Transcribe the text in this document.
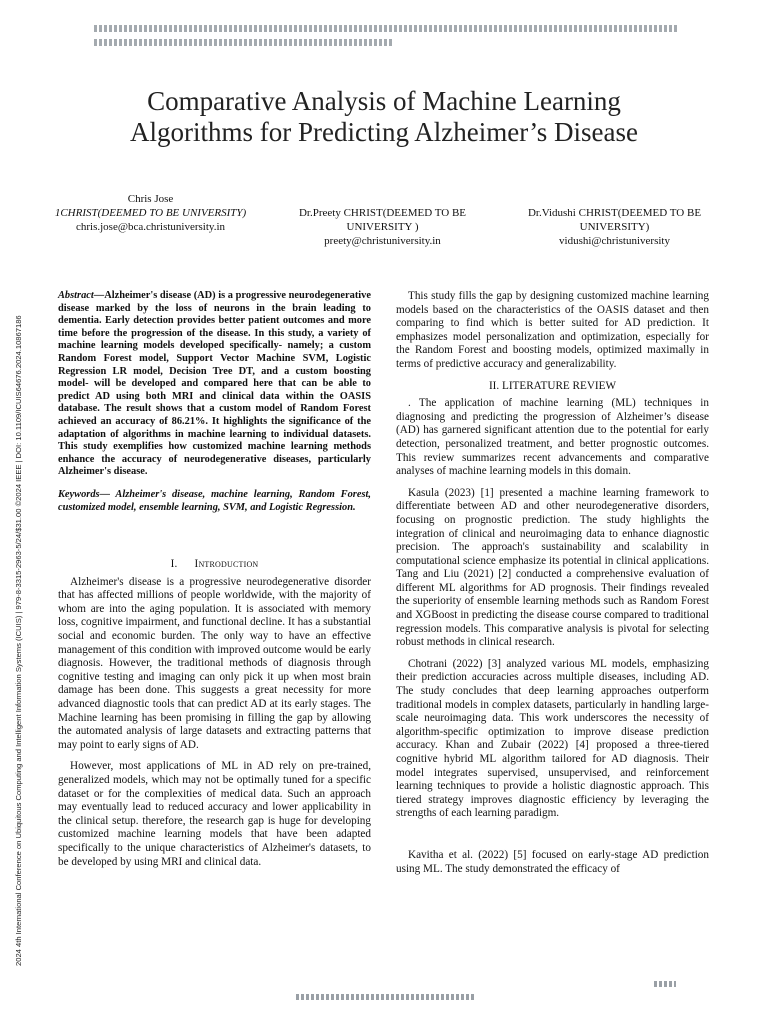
Comparative Analysis of Machine Learning
Algorithms for Predicting Alzheimer’s Disease
Chris Jose
1CHRIST(DEEMED TO BE UNIVERSITY)
chris.jose@bca.christuniversity.in
Dr.Preety CHRIST(DEEMED TO BE UNIVERSITY )
preety@christuniversity.in
Dr.Vidushi CHRIST(DEEMED TO BE UNIVERSITY)
vidushi@christuniversity
2024 4th International Conference on Ubiquitous Computing and Intelligent Information Systems (ICUIS) | 979-8-3315-2963-5/24/$31.00 ©2024 IEEE | DOI: 10.1109/ICUIS64676.2024.10867186

Abstract—Alzheimer's disease (AD) is a progressive neurodegenerative disease marked by the loss of neurons in the brain leading to dementia. Early detection provides better patient outcomes and more time before the progression of the disease. In this study, a variety of machine learning models developed specifically- namely; a custom Random Forest model, Support Vector Machine SVM, Logistic Regression LR model, Decision Tree DT, and a custom boosting model- will be developed and compared here that can be able to predict AD using both MRI and clinical data within the OASIS database. The result shows that a custom model of Random Forest achieved an accuracy of 86.21%. It highlights the significance of the adaptation of algorithms in machine learning to individual datasets. This study exemplifies how customized machine learning methods enhance the accuracy of neurodegenerative diseases, particularly Alzheimer's disease.

Keywords— Alzheimer's disease, machine learning, Random Forest, customized model, ensemble learning, SVM, and Logistic Regression.

I. Introduction

Alzheimer's disease is a progressive neurodegenerative disorder that has affected millions of people worldwide, with the majority of whom are into the aging population. It is associated with memory loss, cognitive impairment, and functional decline. It has a substantial social and economic burden. The only way to have an effective management of this condition with improved outcome would be early diagnosis. However, the traditional methods of diagnosis through cognitive testing and imaging can only pick it up when most brain damage has been done. This suggests a great necessity for more advanced diagnostic tools that can predict AD at its early stages. The Machine learning has been promising in filling the gap by allowing the automated analysis of large datasets and extracting patterns that may point to early signs of AD.

However, most applications of ML in AD rely on pre-trained, generalized models, which may not be optimally tuned for a specific dataset or for the complexities of medical data. Such an approach may eventually lead to reduced accuracy and lower applicability in the clinical setup. therefore, the research gap is huge for developing customized machine learning models that have been adapted specifically to the unique characteristics of Alzheimer's datasets, to be developed by using MRI and clinical data.

This study fills the gap by designing customized machine learning models based on the characteristics of the OASIS dataset and then comparing to find which is better suited for AD prediction. It emphasizes model personalization and optimization, especially for the Random Forest and boosting models, optimized maximally in terms of predictive accuracy and generalizability.

II. LITERATURE REVIEW

. The application of machine learning (ML) techniques in diagnosing and predicting the progression of Alzheimer’s disease (AD) has garnered significant attention due to the potential for early detection, personalized treatment, and better prognostic outcomes. This review summarizes recent advancements and comparative analyses of machine learning models in this domain.

Kasula (2023) [1] presented a machine learning framework to differentiate between AD and other neurodegenerative disorders, focusing on prognostic prediction. The study highlights the integration of clinical and neuroimaging data to enhance diagnostic precision. The approach's sustainability and scalability in computational science emphasize its potential in clinical applications. Tang and Liu (2021) [2] conducted a comprehensive evaluation of different ML algorithms for AD prognosis. Their findings revealed the superiority of ensemble learning methods such as Random Forest and XGBoost in predicting the disease course compared to traditional regression models. This comparative analysis is pivotal for selecting robust methods in clinical research.

Chotrani (2022) [3] analyzed various ML models, emphasizing their prediction accuracies across multiple diseases, including AD. The study concludes that deep learning approaches outperform traditional models in complex datasets, particularly in handling large-scale neuroimaging data. This work underscores the necessity of algorithm-specific optimization to improve disease prediction accuracy. Khan and Zubair (2022) [4] proposed a three-tiered cognitive hybrid ML algorithm tailored for AD diagnosis. Their model integrates supervised, unsupervised, and reinforcement learning techniques to provide a holistic diagnostic approach. This tiered strategy improves diagnostic efficiency by leveraging the strengths of each learning paradigm.

Kavitha et al. (2022) [5] focused on early-stage AD prediction using ML. The study demonstrated the efficacy of
